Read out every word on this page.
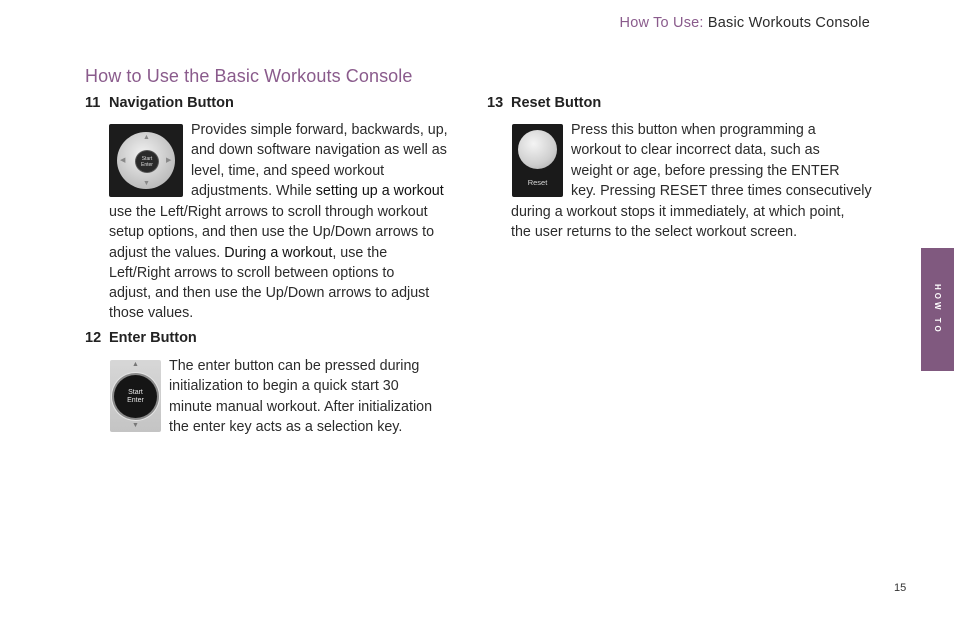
How To Use: Basic Workouts Console
How to Use the Basic Workouts Console
11 Navigation Button
▲
▼
◀	▶
Start
Enter
Provides simple forward, backwards, up,
and down software navigation as well as
level, time, and speed workout
adjustments. While setting up a workout
use the Left/Right arrows to scroll through workout
setup options, and then use the Up/Down arrows to
adjust the values. During a workout, use the
Left/Right arrows to scroll between options to
adjust, and then use the Up/Down arrows to adjust
those values.
12 Enter Button
▲
Start
Enter
▼
The enter button can be pressed during
initialization to begin a quick start 30
minute manual workout. After initialization
the enter key acts as a selection key.
13 Reset Button
Reset
Press this button when programming a
workout to clear incorrect data, such as
weight or age, before pressing the ENTER
key. Pressing RESET three times consecutively
during a workout stops it immediately, at which point,
the user returns to the select workout screen.
HOW TO
15
